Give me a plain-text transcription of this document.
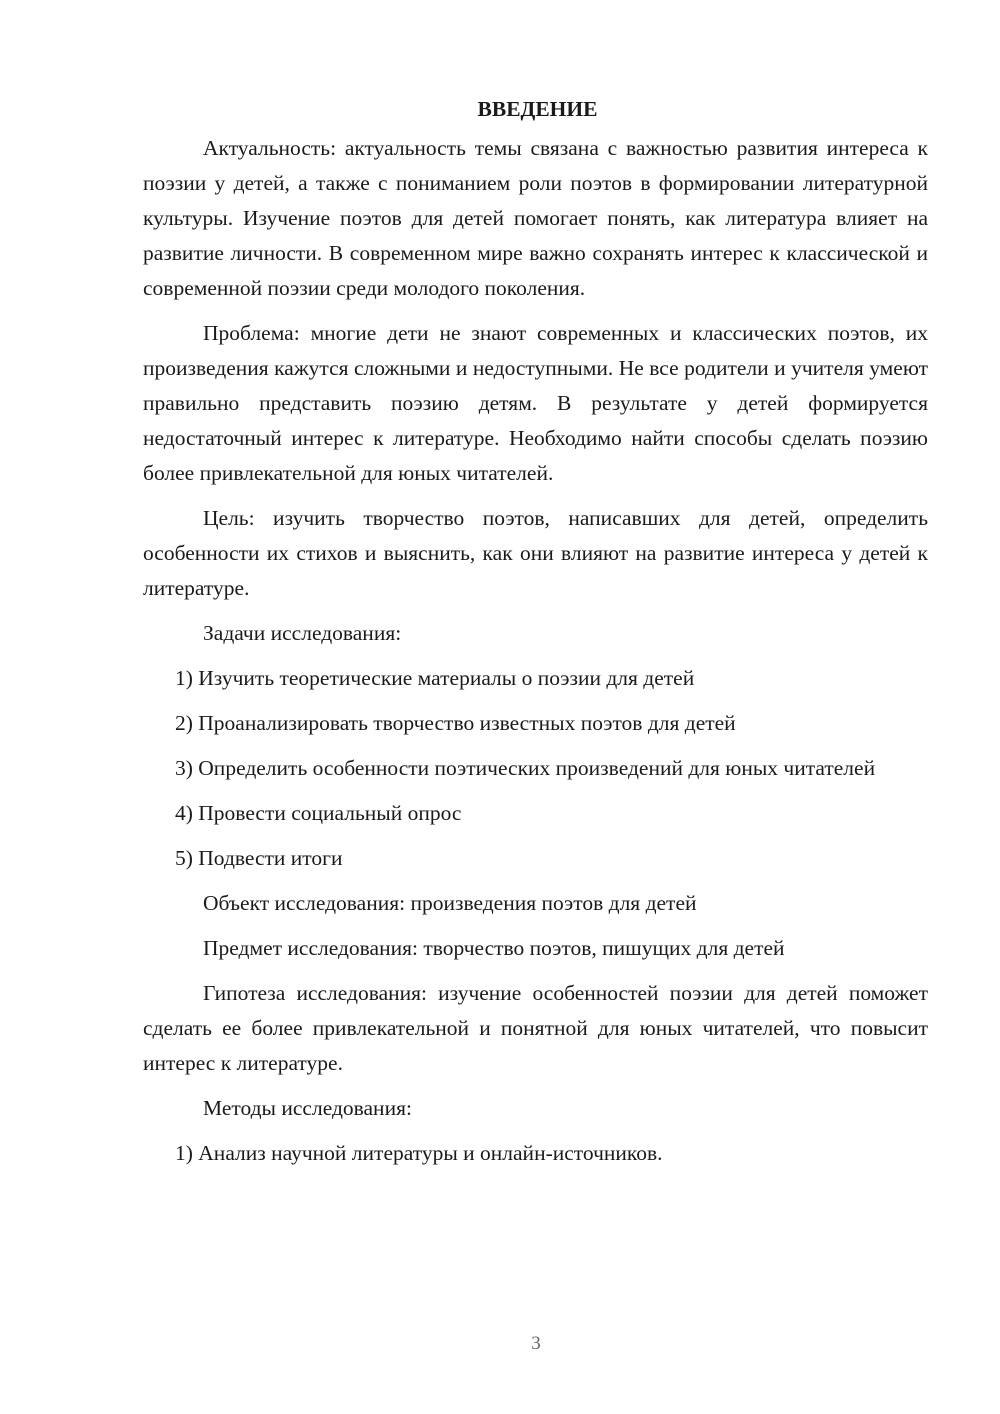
ВВЕДЕНИЕ

Актуальность: актуальность темы связана с важностью развития интереса к поэзии у детей, а также с пониманием роли поэтов в формировании литературной культуры. Изучение поэтов для детей помогает понять, как литература влияет на развитие личности. В современном мире важно сохранять интерес к классической и современной поэзии среди молодого поколения.

Проблема: многие дети не знают современных и классических поэтов, их произведения кажутся сложными и недоступными. Не все родители и учителя умеют правильно представить поэзию детям. В результате у детей формируется недостаточный интерес к литературе. Необходимо найти способы сделать поэзию более привлекательной для юных читателей.

Цель: изучить творчество поэтов, написавших для детей, определить особенности их стихов и выяснить, как они влияют на развитие интереса у детей к литературе.

Задачи исследования:

1) Изучить теоретические материалы о поэзии для детей

2) Проанализировать творчество известных поэтов для детей

3) Определить особенности поэтических произведений для юных читателей

4) Провести социальный опрос

5) Подвести итоги

Объект исследования: произведения поэтов для детей

Предмет исследования: творчество поэтов, пишущих для детей

Гипотеза исследования: изучение особенностей поэзии для детей поможет сделать ее более привлекательной и понятной для юных читателей, что повысит интерес к литературе.

Методы исследования:

1) Анализ научной литературы и онлайн-источников.

3
